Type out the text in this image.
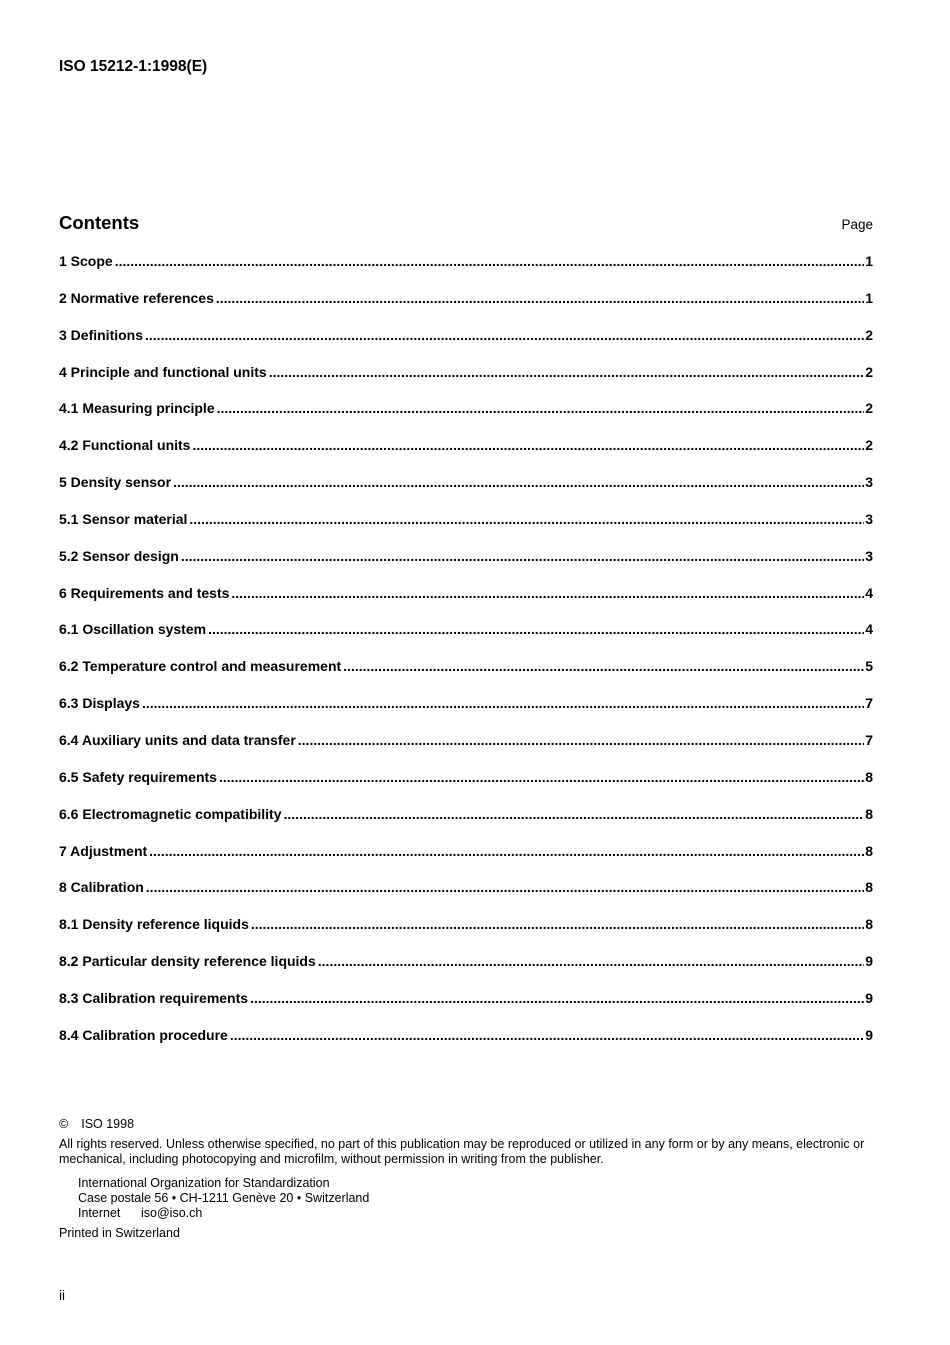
ISO 15212-1:1998(E)
Contents	Page
1 Scope .....	1
2 Normative references .....	1
3 Definitions .....	2
4 Principle and functional units .....	2
4.1 Measuring principle .....	2
4.2 Functional units .....	2
5 Density sensor .....	3
5.1 Sensor material .....	3
5.2 Sensor design .....	3
6 Requirements and tests .....	4
6.1 Oscillation system .....	4
6.2 Temperature control and measurement .....	5
6.3 Displays .....	7
6.4 Auxiliary units and data transfer .....	7
6.5 Safety requirements .....	8
6.6 Electromagnetic compatibility .....	8
7 Adjustment .....	8
8 Calibration .....	8
8.1 Density reference liquids .....	8
8.2 Particular density reference liquids .....	9
8.3 Calibration requirements .....	9
8.4 Calibration procedure .....	9
© ISO 1998

All rights reserved. Unless otherwise specified, no part of this publication may be reproduced or utilized in any form or by any means, electronic or mechanical, including photocopying and microfilm, without permission in writing from the publisher.

International Organization for Standardization
Case postale 56 • CH-1211 Genève 20 • Switzerland
Internet iso@iso.ch
Printed in Switzerland
ii
